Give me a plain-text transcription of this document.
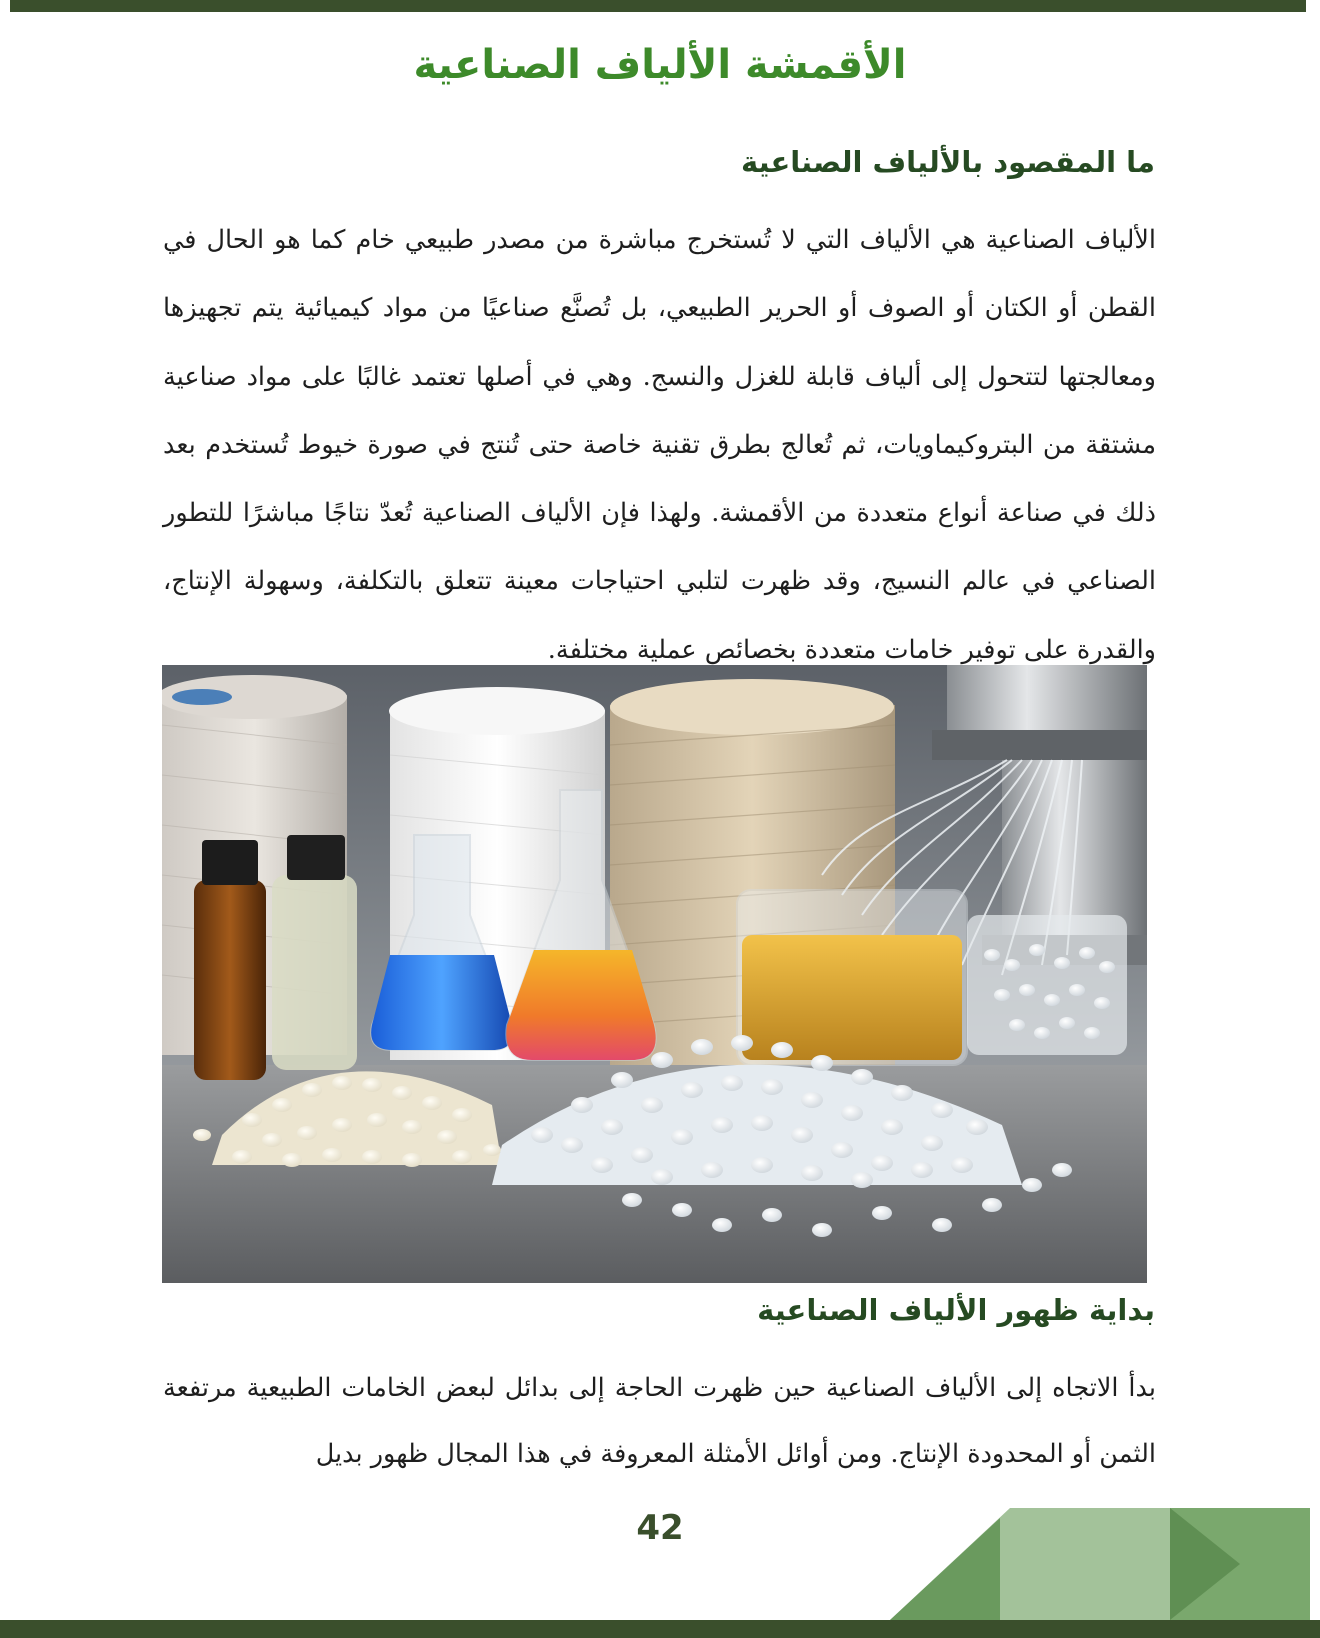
الأقمشة الألياف الصناعية
ما المقصود بالألياف الصناعية

الألياف الصناعية هي الألياف التي لا تُستخرج مباشرة من مصدر طبيعي خام كما هو الحال في القطن أو الكتان أو الصوف أو الحرير الطبيعي، بل تُصنَّع صناعيًا من مواد كيميائية يتم تجهيزها ومعالجتها لتتحول إلى ألياف قابلة للغزل والنسج. وهي في أصلها تعتمد غالبًا على مواد صناعية مشتقة من البتروكيماويات، ثم تُعالج بطرق تقنية خاصة حتى تُنتج في صورة خيوط تُستخدم بعد ذلك في صناعة أنواع متعددة من الأقمشة. ولهذا فإن الألياف الصناعية تُعدّ نتاجًا مباشرًا للتطور الصناعي في عالم النسيج، وقد ظهرت لتلبي احتياجات معينة تتعلق بالتكلفة، وسهولة الإنتاج، والقدرة على توفير خامات متعددة بخصائص عملية مختلفة.

بداية ظهور الألياف الصناعية

بدأ الاتجاه إلى الألياف الصناعية حين ظهرت الحاجة إلى بدائل لبعض الخامات الطبيعية مرتفعة الثمن أو المحدودة الإنتاج. ومن أوائل الأمثلة المعروفة في هذا المجال ظهور بديل

42
